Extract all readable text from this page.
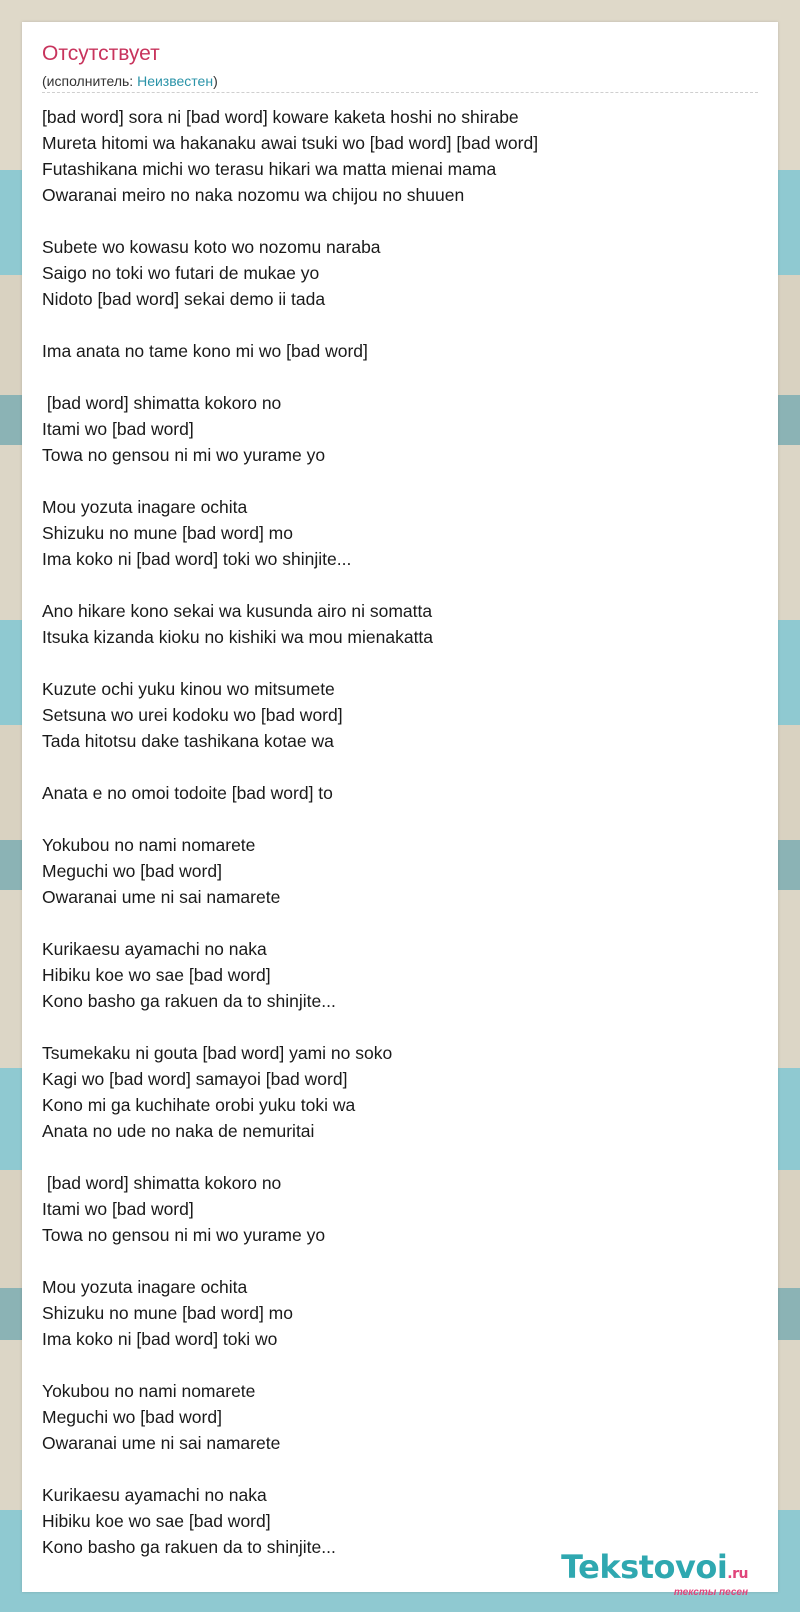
Отсутствует
(исполнитель: Неизвестен)
[bad word] sora ni [bad word] koware kaketa hoshi no shirabe
Mureta hitomi wa hakanaku awai tsuki wo [bad word] [bad word]
Futashikana michi wo terasu hikari wa matta mienai mama
Owaranai meiro no naka nozomu wa chijou no shuuen
Subete wo kowasu koto wo nozomu naraba
Saigo no toki wo futari de mukae yo
Nidoto [bad word] sekai demo ii tada
Ima anata no tame kono mi wo [bad word]
[bad word] shimatta kokoro no
Itami wo [bad word]
Towa no gensou ni mi wo yurame yo
Mou yozuta inagare ochita
Shizuku no mune [bad word] mo
Ima koko ni [bad word] toki wo shinjite...
Ano hikare kono sekai wa kusunda airo ni somatta
Itsuka kizanda kioku no kishiki wa mou mienakatta
Kuzute ochi yuku kinou wo mitsumete
Setsuna wo urei kodoku wo [bad word]
Tada hitotsu dake tashikana kotae wa
Anata e no omoi todoite [bad word] to
Yokubou no nami nomarete
Meguchi wo [bad word]
Owaranai ume ni sai namarete
Kurikaesu ayamachi no naka
Hibiku koe wo sae [bad word]
Kono basho ga rakuen da to shinjite...
Tsumekaku ni gouta [bad word] yami no soko
Kagi wo [bad word] samayoi [bad word]
Kono mi ga kuchihate orobi yuku toki wa
Anata no ude no naka de nemuritai
[bad word] shimatta kokoro no
Itami wo [bad word]
Towa no gensou ni mi wo yurame yo
Mou yozuta inagare ochita
Shizuku no mune [bad word] mo
Ima koko ni [bad word] toki wo
Yokubou no nami nomarete
Meguchi wo [bad word]
Owaranai ume ni sai namarete
Kurikaesu ayamachi no naka
Hibiku koe wo sae [bad word]
Kono basho ga rakuen da to shinjite...
Tekstovoi.ru
тексты песен
